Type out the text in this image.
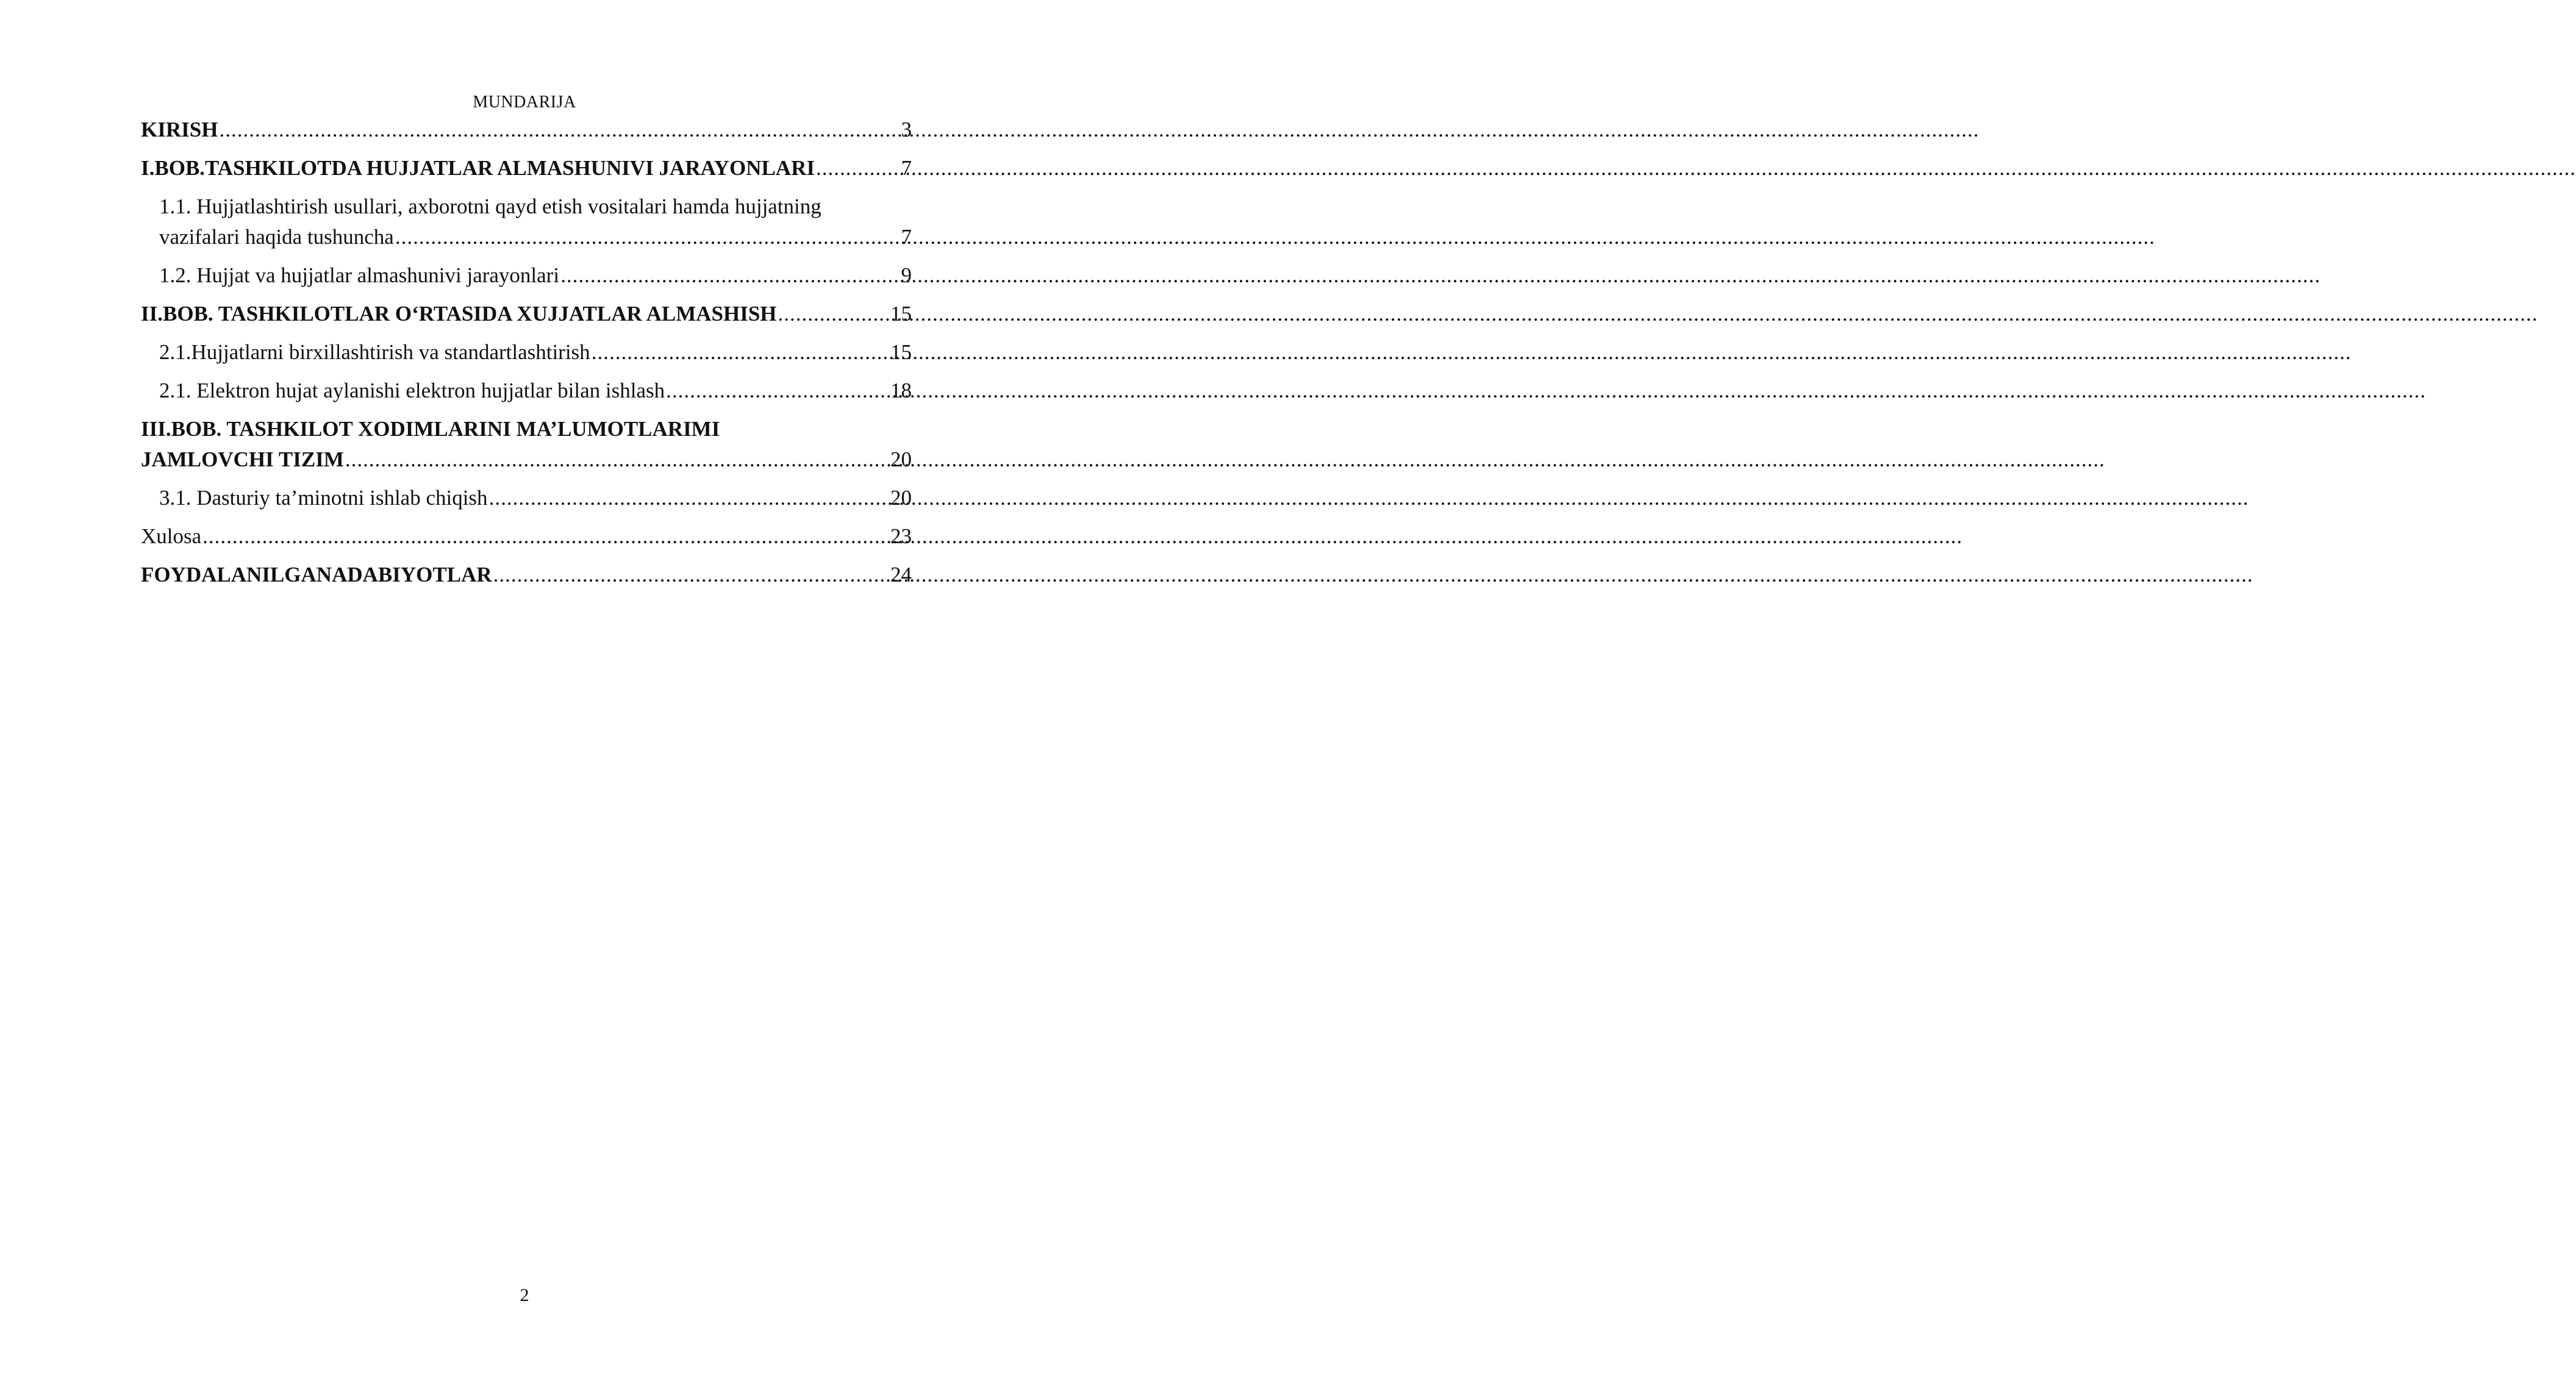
MUNDARIJA
KIRISH .....	3
I.BOB.TASHKILOTDA HUJJATLAR ALMASHUNIVI JARAYONLARI .....	7
1.1. Hujjatlashtirish usullari, axborotni qayd etish vositalari hamda hujjatning
vazifalari haqida tushuncha .....	7
1.2. Hujjat va hujjatlar almashunivi jarayonlari .....	9
II.BOB. TASHKILOTLAR O‘RTASIDA XUJJATLAR ALMASHISH .....	15
2.1.Hujjatlarni birxillashtirish va standartlashtirish .....	15
2.1. Elektron hujat aylanishi elektron hujjatlar bilan ishlash .....	18
III.BOB. TASHKILOT XODIMLARINI MA’LUMOTLARIMI
JAMLOVCHI TIZIM .....	20
3.1. Dasturiy ta’minotni ishlab chiqish .....	20
Xulosa .....	23
FOYDALANILGANADABIYOTLAR .....	24
2
